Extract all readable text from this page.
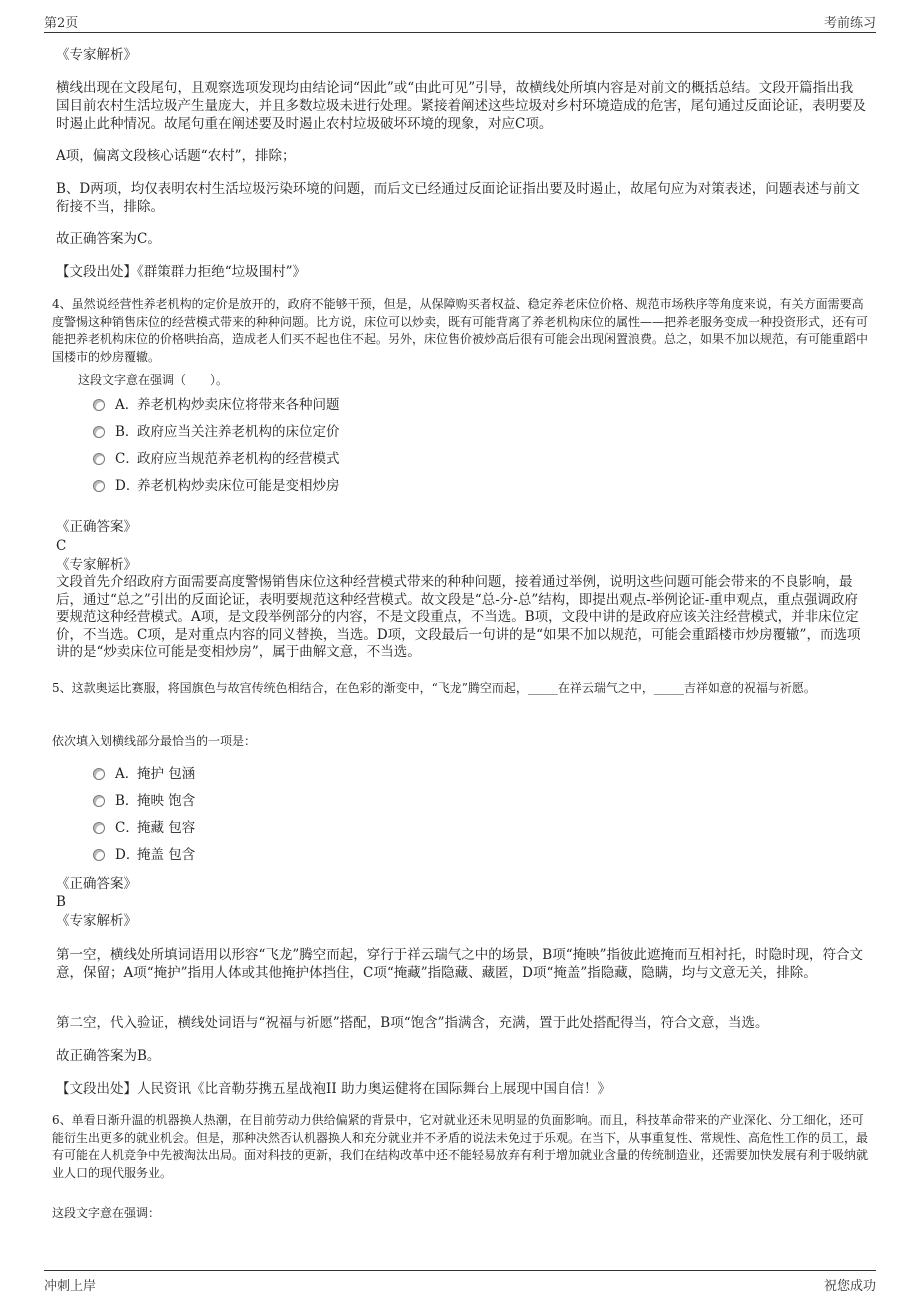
第2页	考前练习

《专家解析》

横线出现在文段尾句，且观察选项发现均由结论词“因此”或“由此可见”引导，故横线处所填内容是对前文的概括总结。文段开篇指出我国目前农村生活垃圾产生量庞大，并且多数垃圾未进行处理。紧接着阐述这些垃圾对乡村环境造成的危害，尾句通过反面论证，表明要及时遏止此种情况。故尾句重在阐述要及时遏止农村垃圾破坏环境的现象，对应C项。

A项，偏离文段核心话题“农村”，排除；

B、D两项，均仅表明农村生活垃圾污染环境的问题，而后文已经通过反面论证指出要及时遏止，故尾句应为对策表述，问题表述与前文衔接不当，排除。

故正确答案为C。

【文段出处】《群策群力拒绝“垃圾围村”》

4、虽然说经营性养老机构的定价是放开的，政府不能够干预，但是，从保障购买者权益、稳定养老床位价格、规范市场秩序等角度来说，有关方面需要高度警惕这种销售床位的经营模式带来的种种问题。比方说，床位可以炒卖，既有可能背离了养老机构床位的属性——把养老服务变成一种投资形式，还有可能把养老机构床位的价格哄抬高，造成老人们买不起也住不起。另外，床位售价被炒高后很有可能会出现闲置浪费。总之，如果不加以规范，有可能重蹈中国楼市的炒房覆辙。

这段文字意在强调（　　）。

A．养老机构炒卖床位将带来各种问题
B．政府应当关注养老机构的床位定价
C．政府应当规范养老机构的经营模式
D．养老机构炒卖床位可能是变相炒房

《正确答案》

C

《专家解析》

文段首先介绍政府方面需要高度警惕销售床位这种经营模式带来的种种问题，接着通过举例，说明这些问题可能会带来的不良影响，最后，通过“总之”引出的反面论证，表明要规范这种经营模式。故文段是“总-分-总”结构，即提出观点-举例论证-重申观点，重点强调政府要规范这种经营模式。A项，是文段举例部分的内容，不是文段重点，不当选。B项，文段中讲的是政府应该关注经营模式，并非床位定价，不当选。C项，是对重点内容的同义替换，当选。D项，文段最后一句讲的是“如果不加以规范，可能会重蹈楼市炒房覆辙”，而选项讲的是“炒卖床位可能是变相炒房”，属于曲解文意，不当选。

5、这款奥运比赛服，将国旗色与故宫传统色相结合，在色彩的渐变中，“飞龙”腾空而起，_____在祥云瑞气之中，_____吉祥如意的祝福与祈愿。

依次填入划横线部分最恰当的一项是：

A．掩护 包涵
B．掩映 饱含
C．掩藏 包容
D．掩盖 包含

《正确答案》

B

《专家解析》

第一空，横线处所填词语用以形容“飞龙”腾空而起，穿行于祥云瑞气之中的场景，B项“掩映”指彼此遮掩而互相衬托，时隐时现，符合文意，保留；A项“掩护”指用人体或其他掩护体挡住，C项“掩藏”指隐藏、藏匿，D项“掩盖”指隐藏，隐瞒，均与文意无关，排除。

第二空，代入验证，横线处词语与“祝福与祈愿”搭配，B项“饱含”指满含，充满，置于此处搭配得当，符合文意，当选。

故正确答案为B。

【文段出处】人民资讯《比音勒芬携五星战袍II 助力奥运健将在国际舞台上展现中国自信！》

6、单看日渐升温的机器换人热潮，在目前劳动力供给偏紧的背景中，它对就业还未见明显的负面影响。而且，科技革命带来的产业深化、分工细化，还可能衍生出更多的就业机会。但是，那种决然否认机器换人和充分就业并不矛盾的说法未免过于乐观。在当下，从事重复性、常规性、高危性工作的员工，最有可能在人机竞争中先被淘汰出局。面对科技的更新，我们在结构改革中还不能轻易放弃有利于增加就业含量的传统制造业，还需要加快发展有利于吸纳就业人口的现代服务业。

这段文字意在强调：

冲刺上岸	祝您成功
